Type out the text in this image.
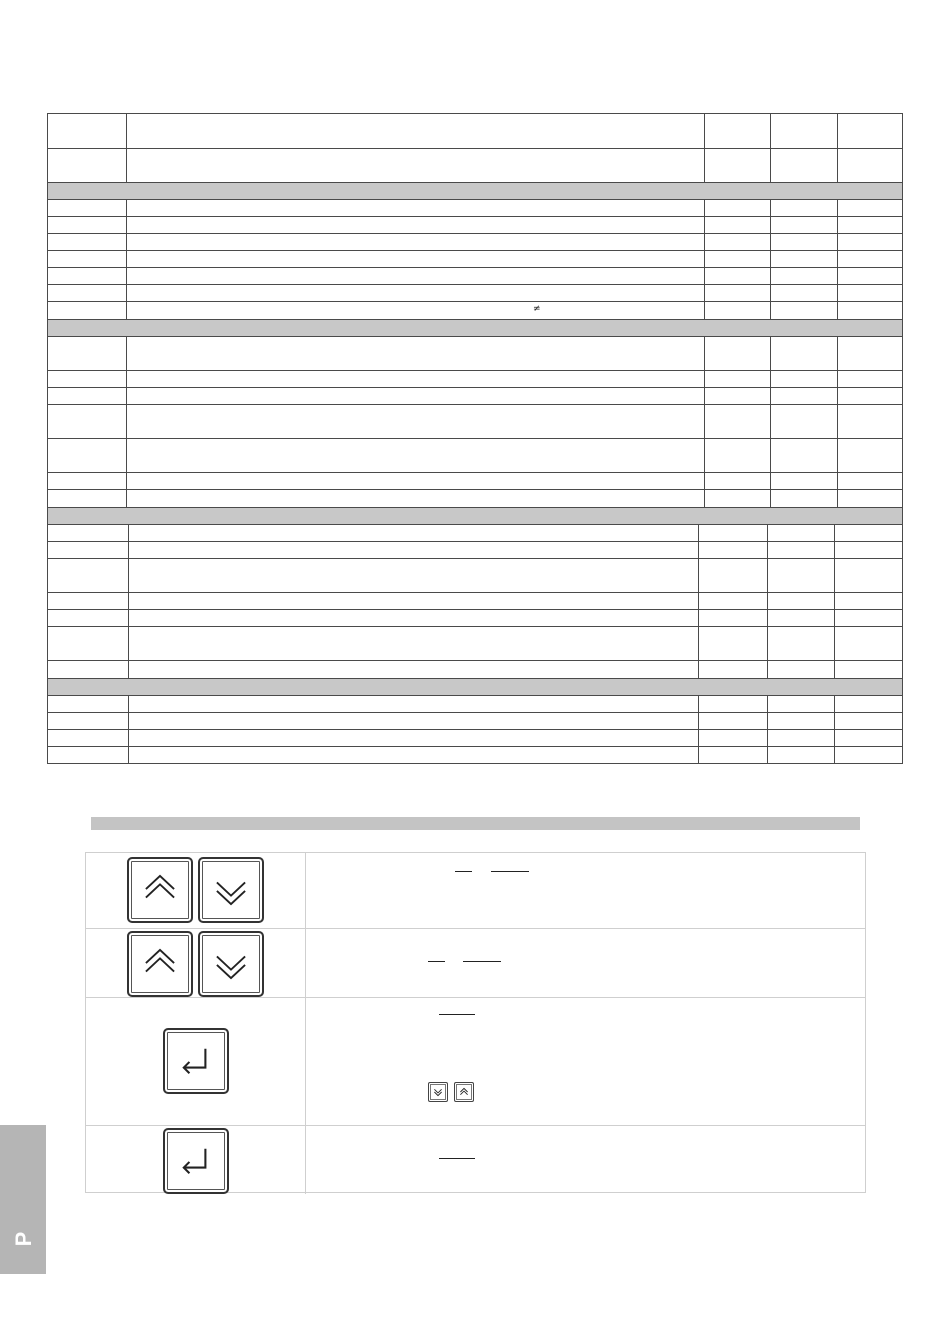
≠
P
